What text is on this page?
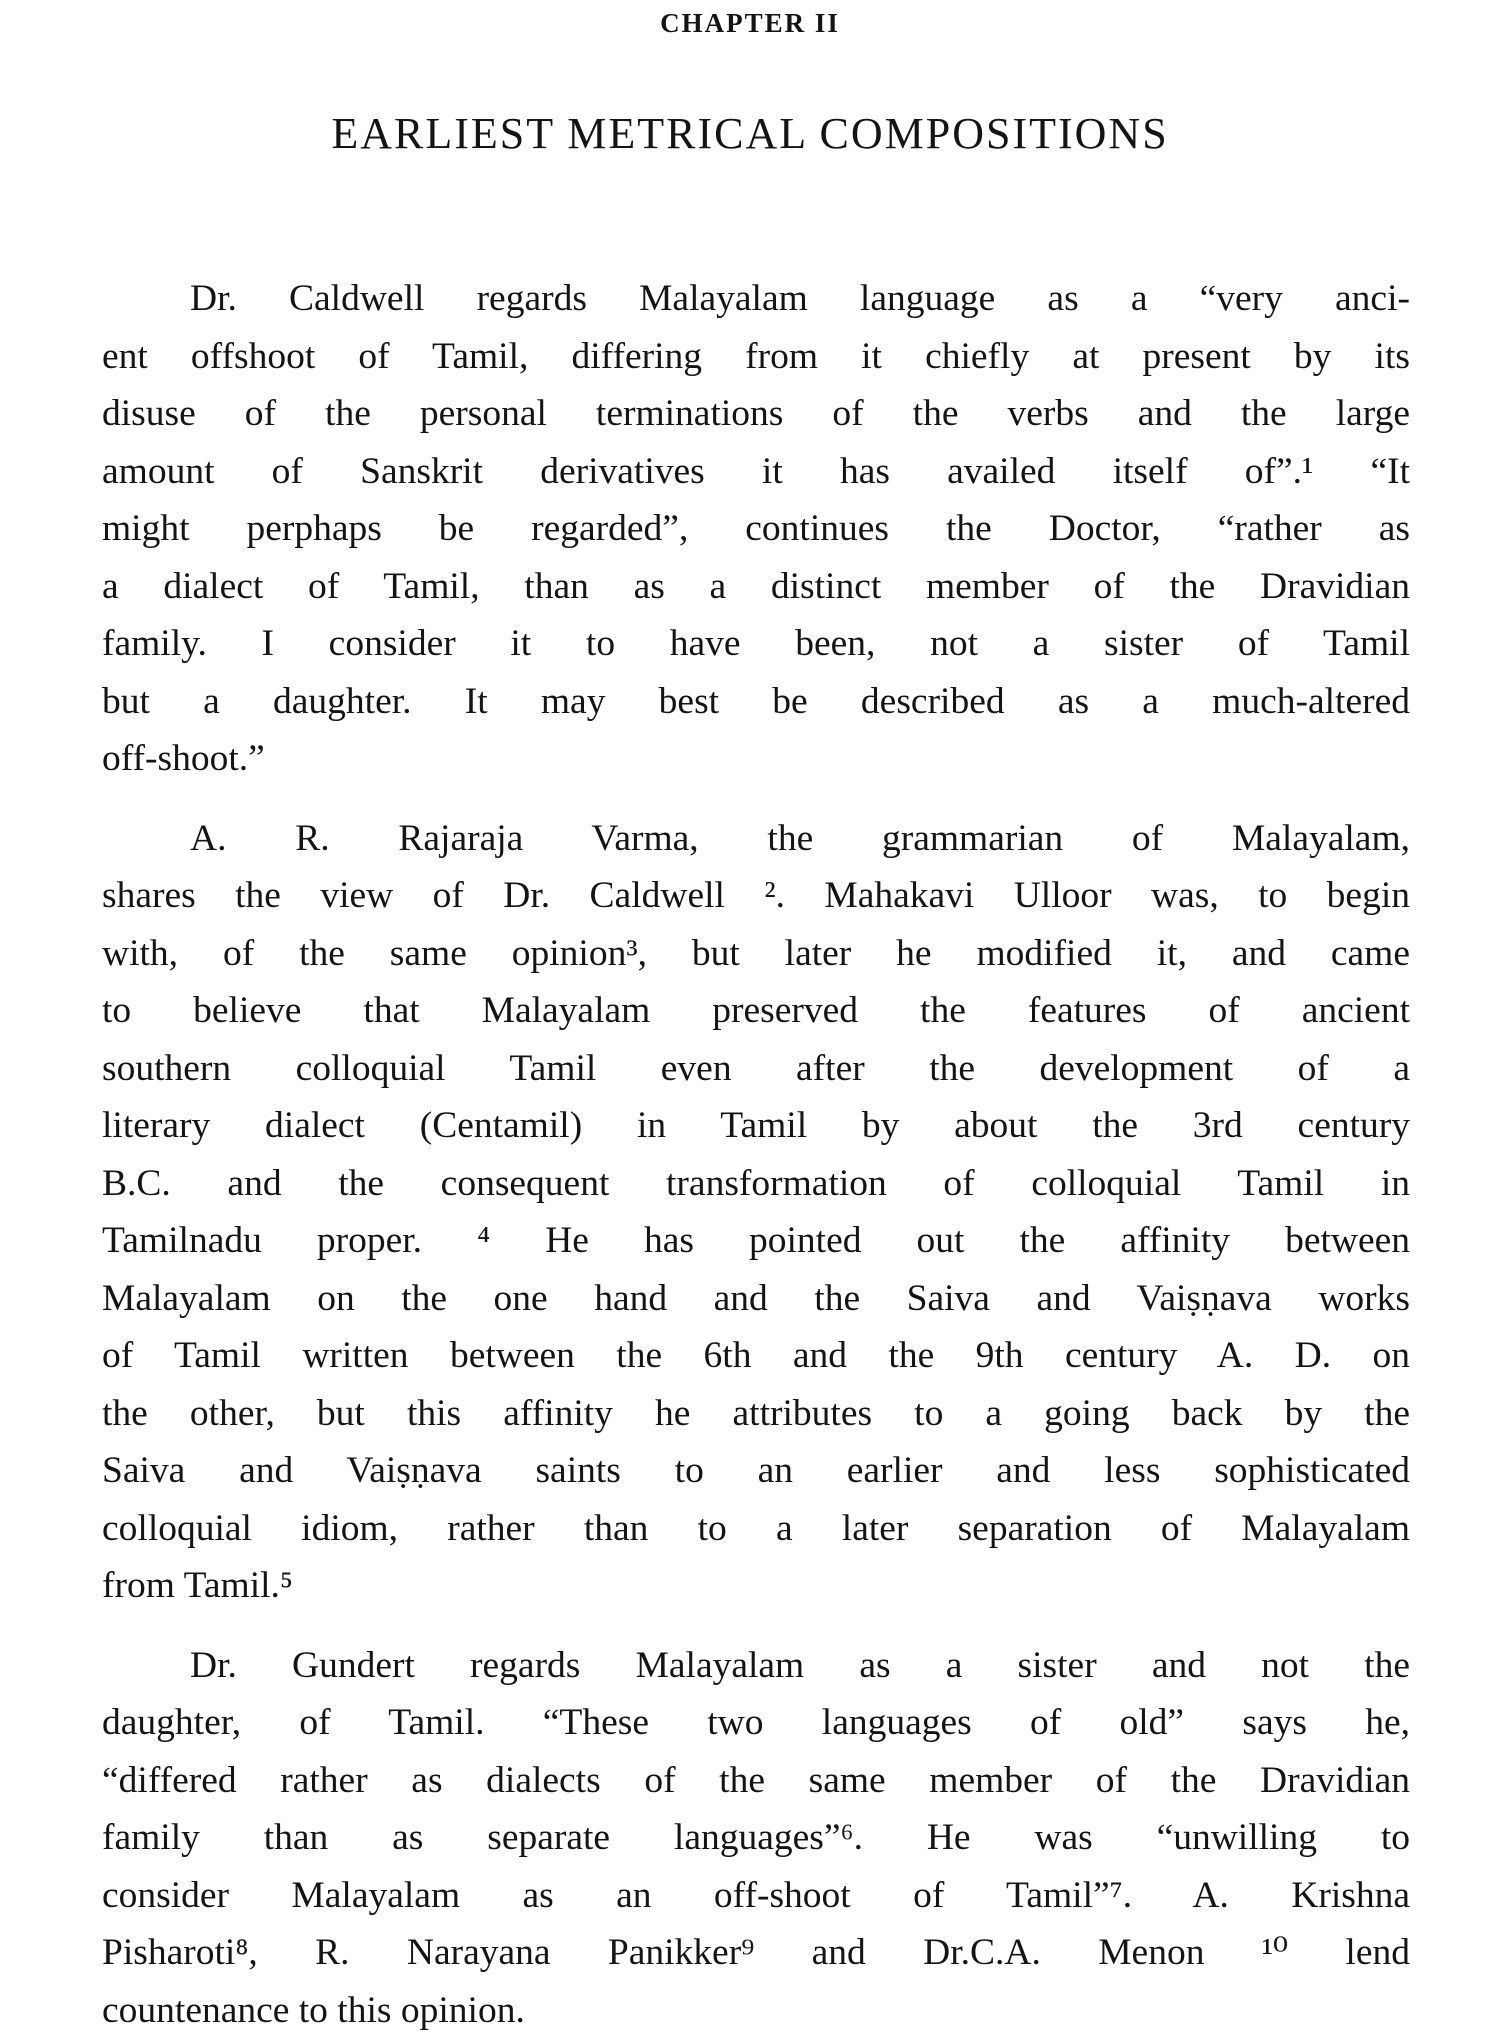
CHAPTER II
EARLIEST METRICAL COMPOSITIONS
Dr. Caldwell regards Malayalam language as a “very anci-
ent offshoot of Tamil, differing from it chiefly at present by its
disuse of the personal terminations of the verbs and the large
amount of Sanskrit derivatives it has availed itself of”.¹ “It
might perphaps be regarded”, continues the Doctor, “rather as
a dialect of Tamil, than as a distinct member of the Dravidian
family. I consider it to have been, not a sister of Tamil
but a daughter. It may best be described as a much-altered
off-shoot.”
A. R. Rajaraja Varma, the grammarian of Malayalam,
shares the view of Dr. Caldwell ². Mahakavi Ulloor was, to begin
with, of the same opinion³, but later he modified it, and came
to believe that Malayalam preserved the features of ancient
southern colloquial Tamil even after the development of a
literary dialect (Centamil) in Tamil by about the 3rd century
B.C. and the consequent transformation of colloquial Tamil in
Tamilnadu proper. ⁴ He has pointed out the affinity between
Malayalam on the one hand and the Saiva and Vaiṣṇava works
of Tamil written between the 6th and the 9th century A. D. on
the other, but this affinity he attributes to a going back by the
Saiva and Vaiṣṇava saints to an earlier and less sophisticated
colloquial idiom, rather than to a later separation of Malayalam
from Tamil.⁵
Dr. Gundert regards Malayalam as a sister and not the
daughter, of Tamil. “These two languages of old” says he,
“differed rather as dialects of the same member of the Dravidian
family than as separate languages”⁶. He was “unwilling to
consider Malayalam as an off-shoot of Tamil”⁷. A. Krishna
Pisharoti⁸, R. Narayana Panikker⁹ and Dr.C.A. Menon ¹⁰ lend
countenance to this opinion.
